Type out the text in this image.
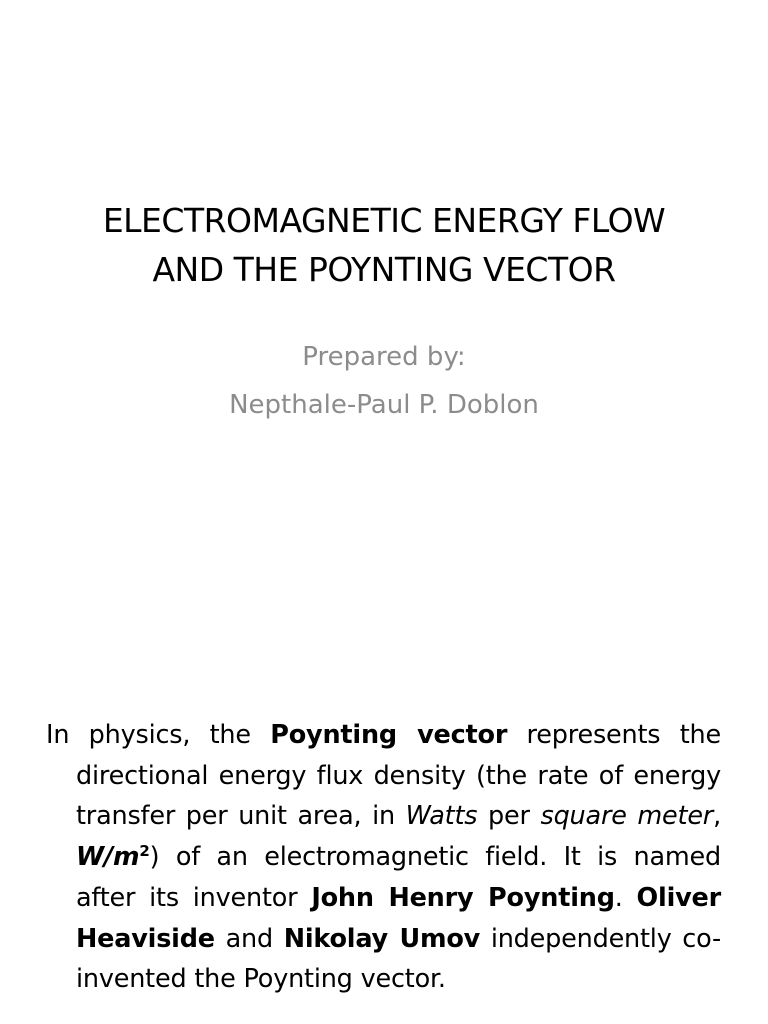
ELECTROMAGNETIC ENERGY FLOW
AND THE POYNTING VECTOR
Prepared by:
Nepthale-Paul P. Doblon
In physics, the Poynting vector represents the directional energy flux density (the rate of energy transfer per unit area, in Watts per square meter, $W/m^2$) of an electromagnetic field. It is named after its inventor John Henry Poynting. Oliver Heaviside and Nikolay Umov independently co-invented the Poynting vector.
